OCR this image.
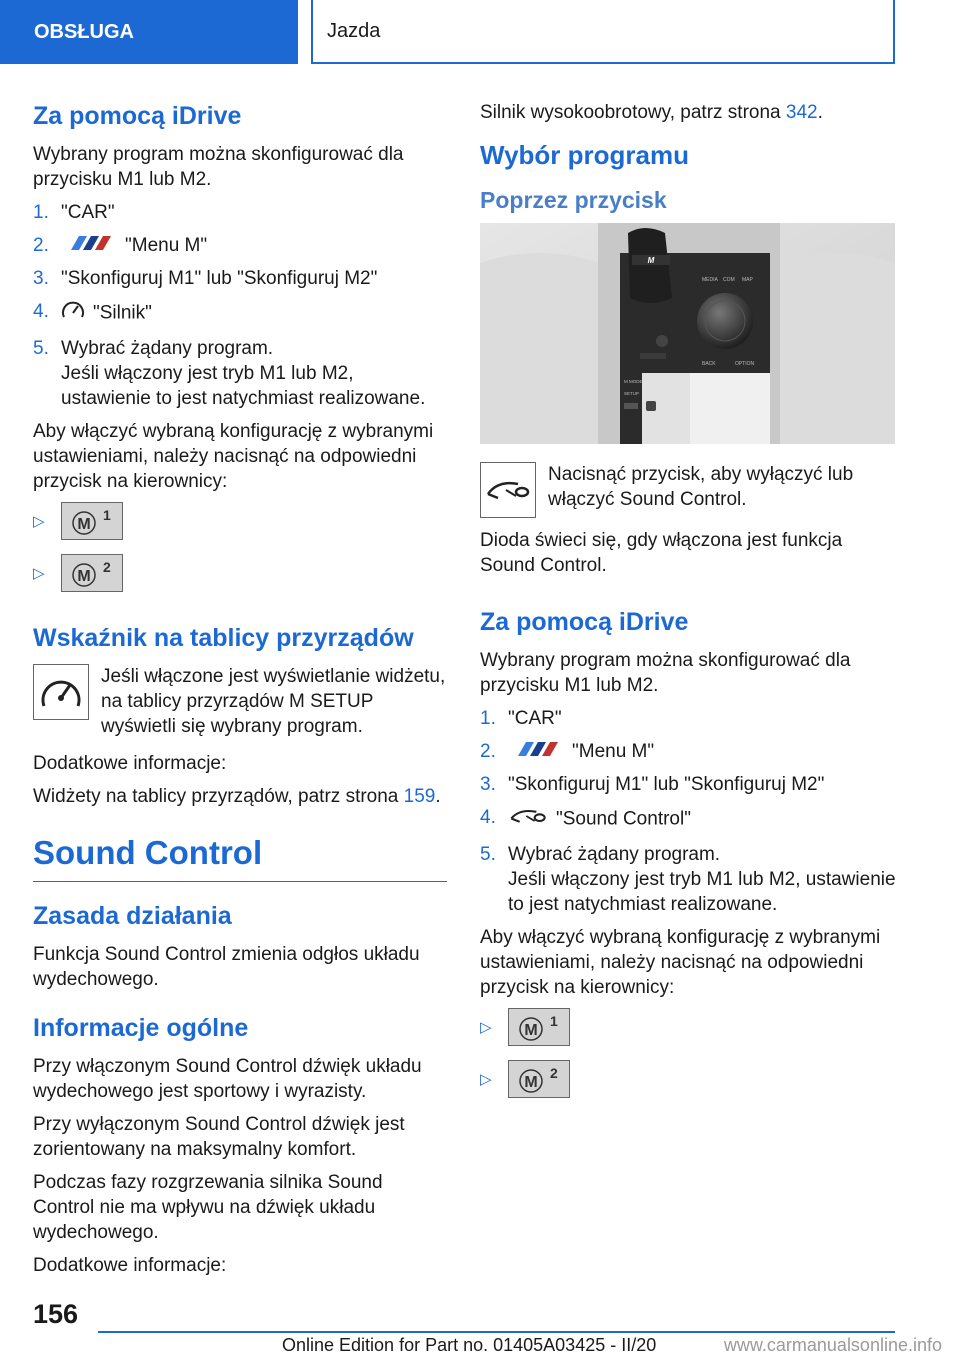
OBSŁUGA	Jazda
Za pomocą iDrive

Wybrany program można skonfigurować dla przycisku M1 lub M2.

1. "CAR"
2.	"Menu M"
3. "Skonfiguruj M1" lub "Skonfiguruj M2"
4.	"Silnik"
5. Wybrać żądany program.
Jeśli włączony jest tryb M1 lub M2, ustawienie to jest natychmiast realizowane.

Aby włączyć wybraną konfigurację z wybranymi ustawieniami, należy nacisnąć na odpowiedni przycisk na kierownicy:

▷	M
1
▷	M
2
Wskaźnik na tablicy przyrządów
Jeśli włączone jest wyświetlanie widżetu, na tablicy przyrządów M SETUP wyświetli się wybrany program.

Dodatkowe informacje:

Widżety na tablicy przyrządów, patrz strona 159.

Sound Control
Zasada działania

Funkcja Sound Control zmienia odgłos układu wydechowego.

Informacje ogólne

Przy włączonym Sound Control dźwięk układu wydechowego jest sportowy i wyrazisty.

Przy wyłączonym Sound Control dźwięk jest zorientowany na maksymalny komfort.

Podczas fazy rozgrzewania silnika Sound Control nie ma wpływu na dźwięk układu wydechowego.

Dodatkowe informacje:

Silnik wysokoobrotowy, patrz strona 342.

Wybór programu
Poprzez przycisk
M
MEDIA COM MAP
BACK	OPTION
M MODE
SETUP
Nacisnąć przycisk, aby wyłączyć lub włączyć Sound Control.

Dioda świeci się, gdy włączona jest funkcja Sound Control.

Za pomocą iDrive

Wybrany program można skonfigurować dla przycisku M1 lub M2.

1. "CAR"
2.	"Menu M"
3. "Skonfiguruj M1" lub "Skonfiguruj M2"
4.	"Sound Control"
5. Wybrać żądany program.
Jeśli włączony jest tryb M1 lub M2, ustawienie to jest natychmiast realizowane.

Aby włączyć wybraną konfigurację z wybranymi ustawieniami, należy nacisnąć na odpowiedni przycisk na kierownicy:

▷	M
1
▷	M
2
156
Online Edition for Part no. 01405A03425 - II/20	www.carmanualsonline.info
